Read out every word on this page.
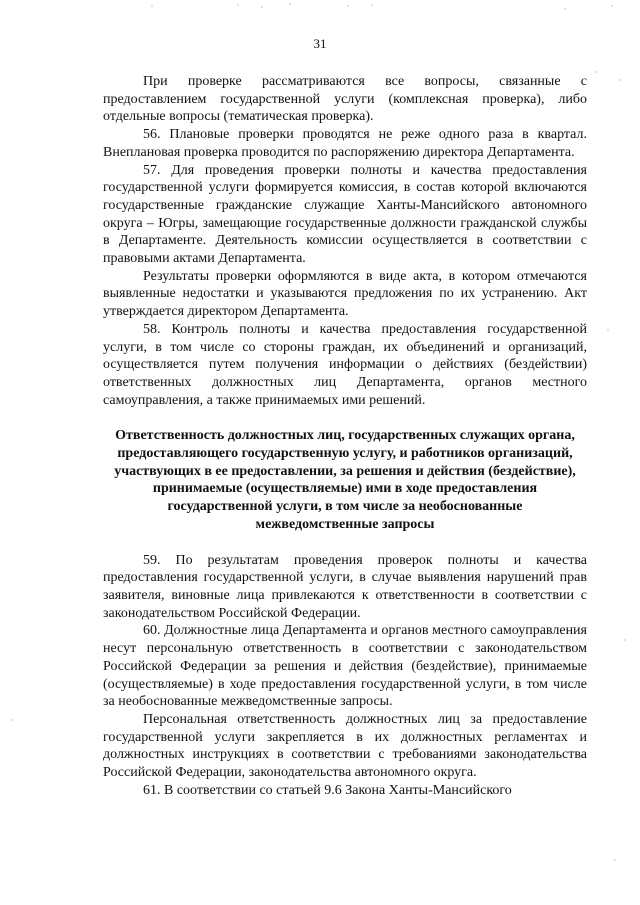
31

При проверке рассматриваются все вопросы, связанные с предоставлением государственной услуги (комплексная проверка), либо отдельные вопросы (тематическая проверка).

56. Плановые проверки проводятся не реже одного раза в квартал. Внеплановая проверка проводится по распоряжению директора Департамента.

57. Для проведения проверки полноты и качества предоставления государственной услуги формируется комиссия, в состав которой включаются государственные гражданские служащие Ханты-Мансийского автономного округа – Югры, замещающие государственные должности гражданской службы в Департаменте. Деятельность комиссии осуществляется в соответствии с правовыми актами Департамента.

Результаты проверки оформляются в виде акта, в котором отмечаются выявленные недостатки и указываются предложения по их устранению. Акт утверждается директором Департамента.

58. Контроль полноты и качества предоставления государственной услуги, в том числе со стороны граждан, их объединений и организаций, осуществляется путем получения информации о действиях (бездействии) ответственных должностных лиц Департамента, органов местного самоуправления, а также принимаемых ими решений.

Ответственность должностных лиц, государственных служащих органа, предоставляющего государственную услугу, и работников организаций, участвующих в ее предоставлении, за решения и действия (бездействие), принимаемые (осуществляемые) ими в ходе предоставления государственной услуги, в том числе за необоснованные межведомственные запросы

59. По результатам проведения проверок полноты и качества предоставления государственной услуги, в случае выявления нарушений прав заявителя, виновные лица привлекаются к ответственности в соответствии с законодательством Российской Федерации.

60. Должностные лица Департамента и органов местного самоуправления несут персональную ответственность в соответствии с законодательством Российской Федерации за решения и действия (бездействие), принимаемые (осуществляемые) в ходе предоставления государственной услуги, в том числе за необоснованные межведомственные запросы.

Персональная ответственность должностных лиц за предоставление государственной услуги закрепляется в их должностных регламентах и должностных инструкциях в соответствии с требованиями законодательства Российской Федерации, законодательства автономного округа.

61. В соответствии со статьей 9.6 Закона Ханты-Мансийского
